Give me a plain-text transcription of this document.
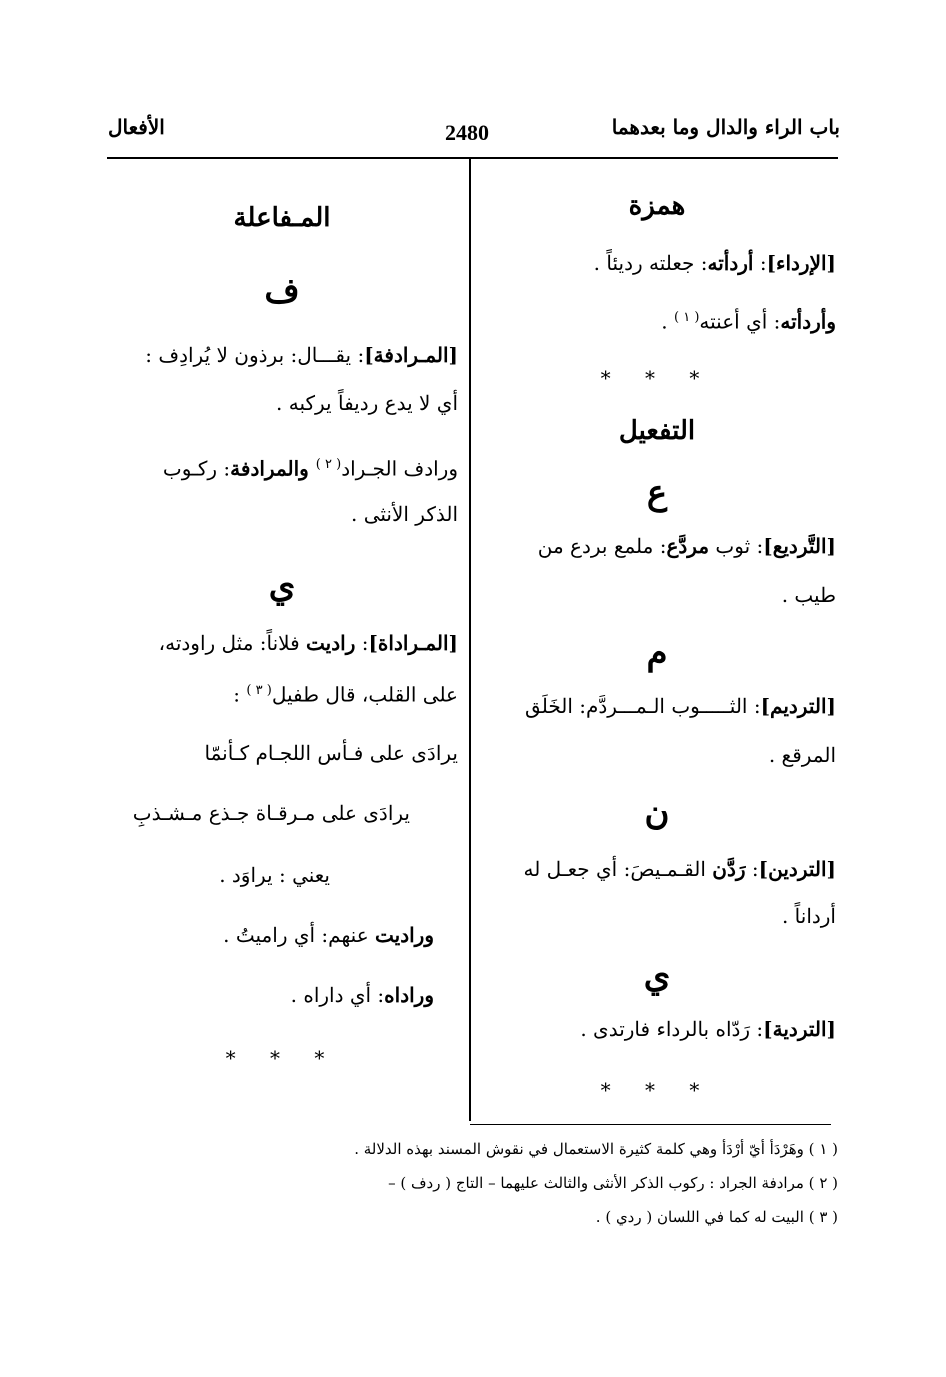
باب الراء والدال وما بعدهما
2480
الأفعال
همزة
[الإرداء]: أردأته: جعلته رديئاً .
وأردأته: أي أعنته$^{( ١ )}$ .
* * *
التفعيل
ع
[التَّرديع]: ثوب مردَّع: ملمع بردع من
طيب .
م
[الترديم]: الثـــــوب الـمـــردَّم: الخَلَق
المرقع .
ن
[التردين]: رَدَّن القـمـيصَ: أي جعـل له
أرداناً .
ي
[التردية]: رَدّاه بالرداء فارتدى .
* * *
المـفاعلة
ف
[المـرادفة]: يقـــال: برذون لا يُرادِف :
أي لا يدع رديفاً يركبه .
ورادف الجـراد$^{( ٢ )}$ والمرادفة: ركـوب
الذكر الأنثى .
ي
[المـراداة]: راديت فلاناً: مثل راودته،
على القلب، قال طفيل$^{( ٣ )}$ :
يرادَى على فـأس اللجـام كـأنمّا
يرادَى على مـرقـاة جـذع مـشـذبِ
يعني : يراوَد .
وراديت عنهم: أي راميتُ .
وراداه: أي داراه .
* * *
( ١ ) وهَرْدَأ أيّ أرْدَأ وهي كلمة كثيرة الاستعمال في نقوش المسند بهذه الدلالة .
( ٢ ) مرادفة الجراد : ركوب الذكر الأنثى والثالث عليهما – التاج ( ردف ) –
( ٣ ) البيت له كما في اللسان ( ردي ) .
